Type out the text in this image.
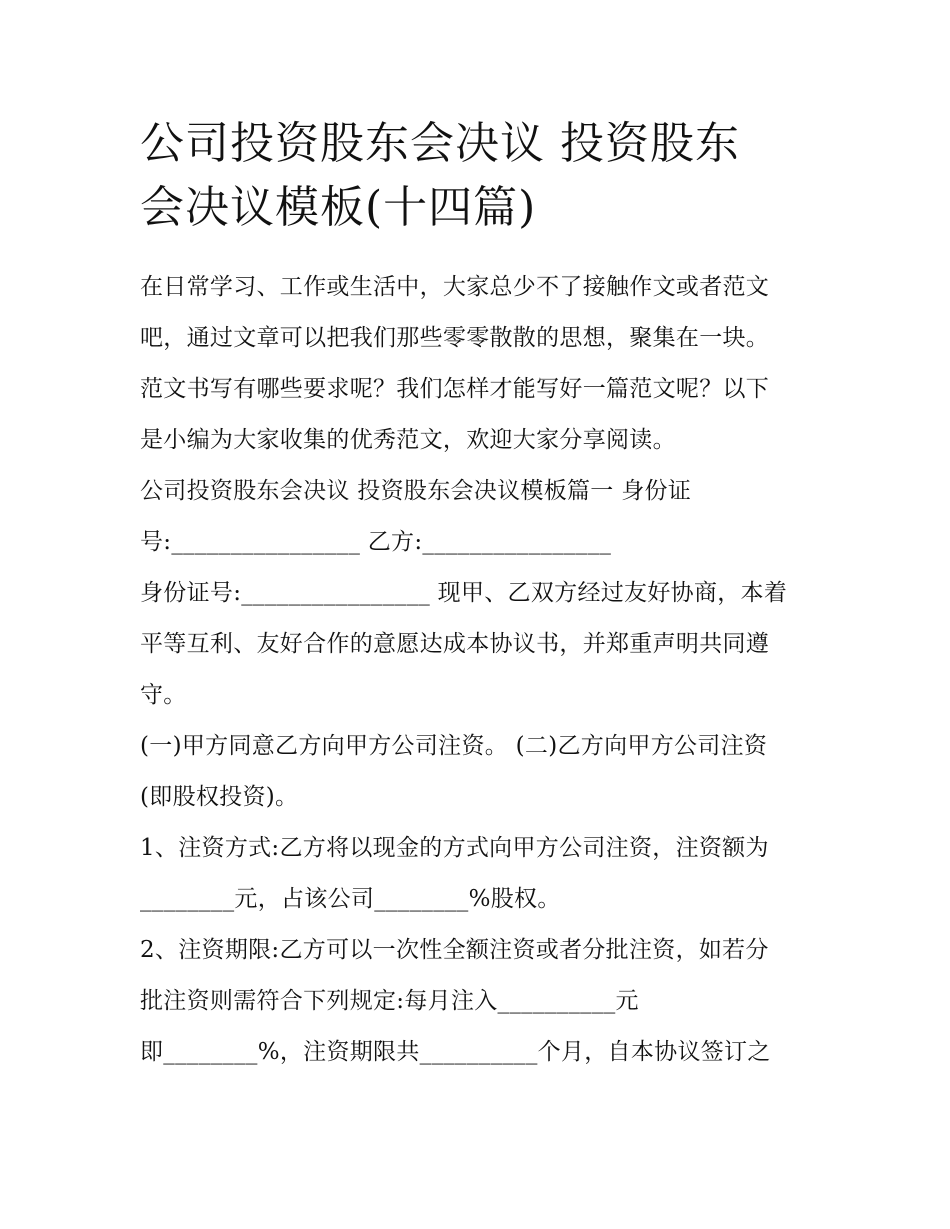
公司投资股东会决议 投资股东
会决议模板(十四篇)
在日常学习、工作或生活中，大家总少不了接触作文或者范文
吧，通过文章可以把我们那些零零散散的思想，聚集在一块。
范文书写有哪些要求呢？我们怎样才能写好一篇范文呢？以下
是小编为大家收集的优秀范文，欢迎大家分享阅读。
公司投资股东会决议 投资股东会决议模板篇一 身份证
号:________________ 乙方:________________
身份证号:________________ 现甲、乙双方经过友好协商，本着
平等互利、友好合作的意愿达成本协议书，并郑重声明共同遵
守。
(一)甲方同意乙方向甲方公司注资。 (二)乙方向甲方公司注资
(即股权投资)。
1、注资方式:乙方将以现金的方式向甲方公司注资，注资额为
________元，占该公司________%股权。
2、注资期限:乙方可以一次性全额注资或者分批注资，如若分
批注资则需符合下列规定:每月注入__________元
即________%，注资期限共__________个月，自本协议签订之
